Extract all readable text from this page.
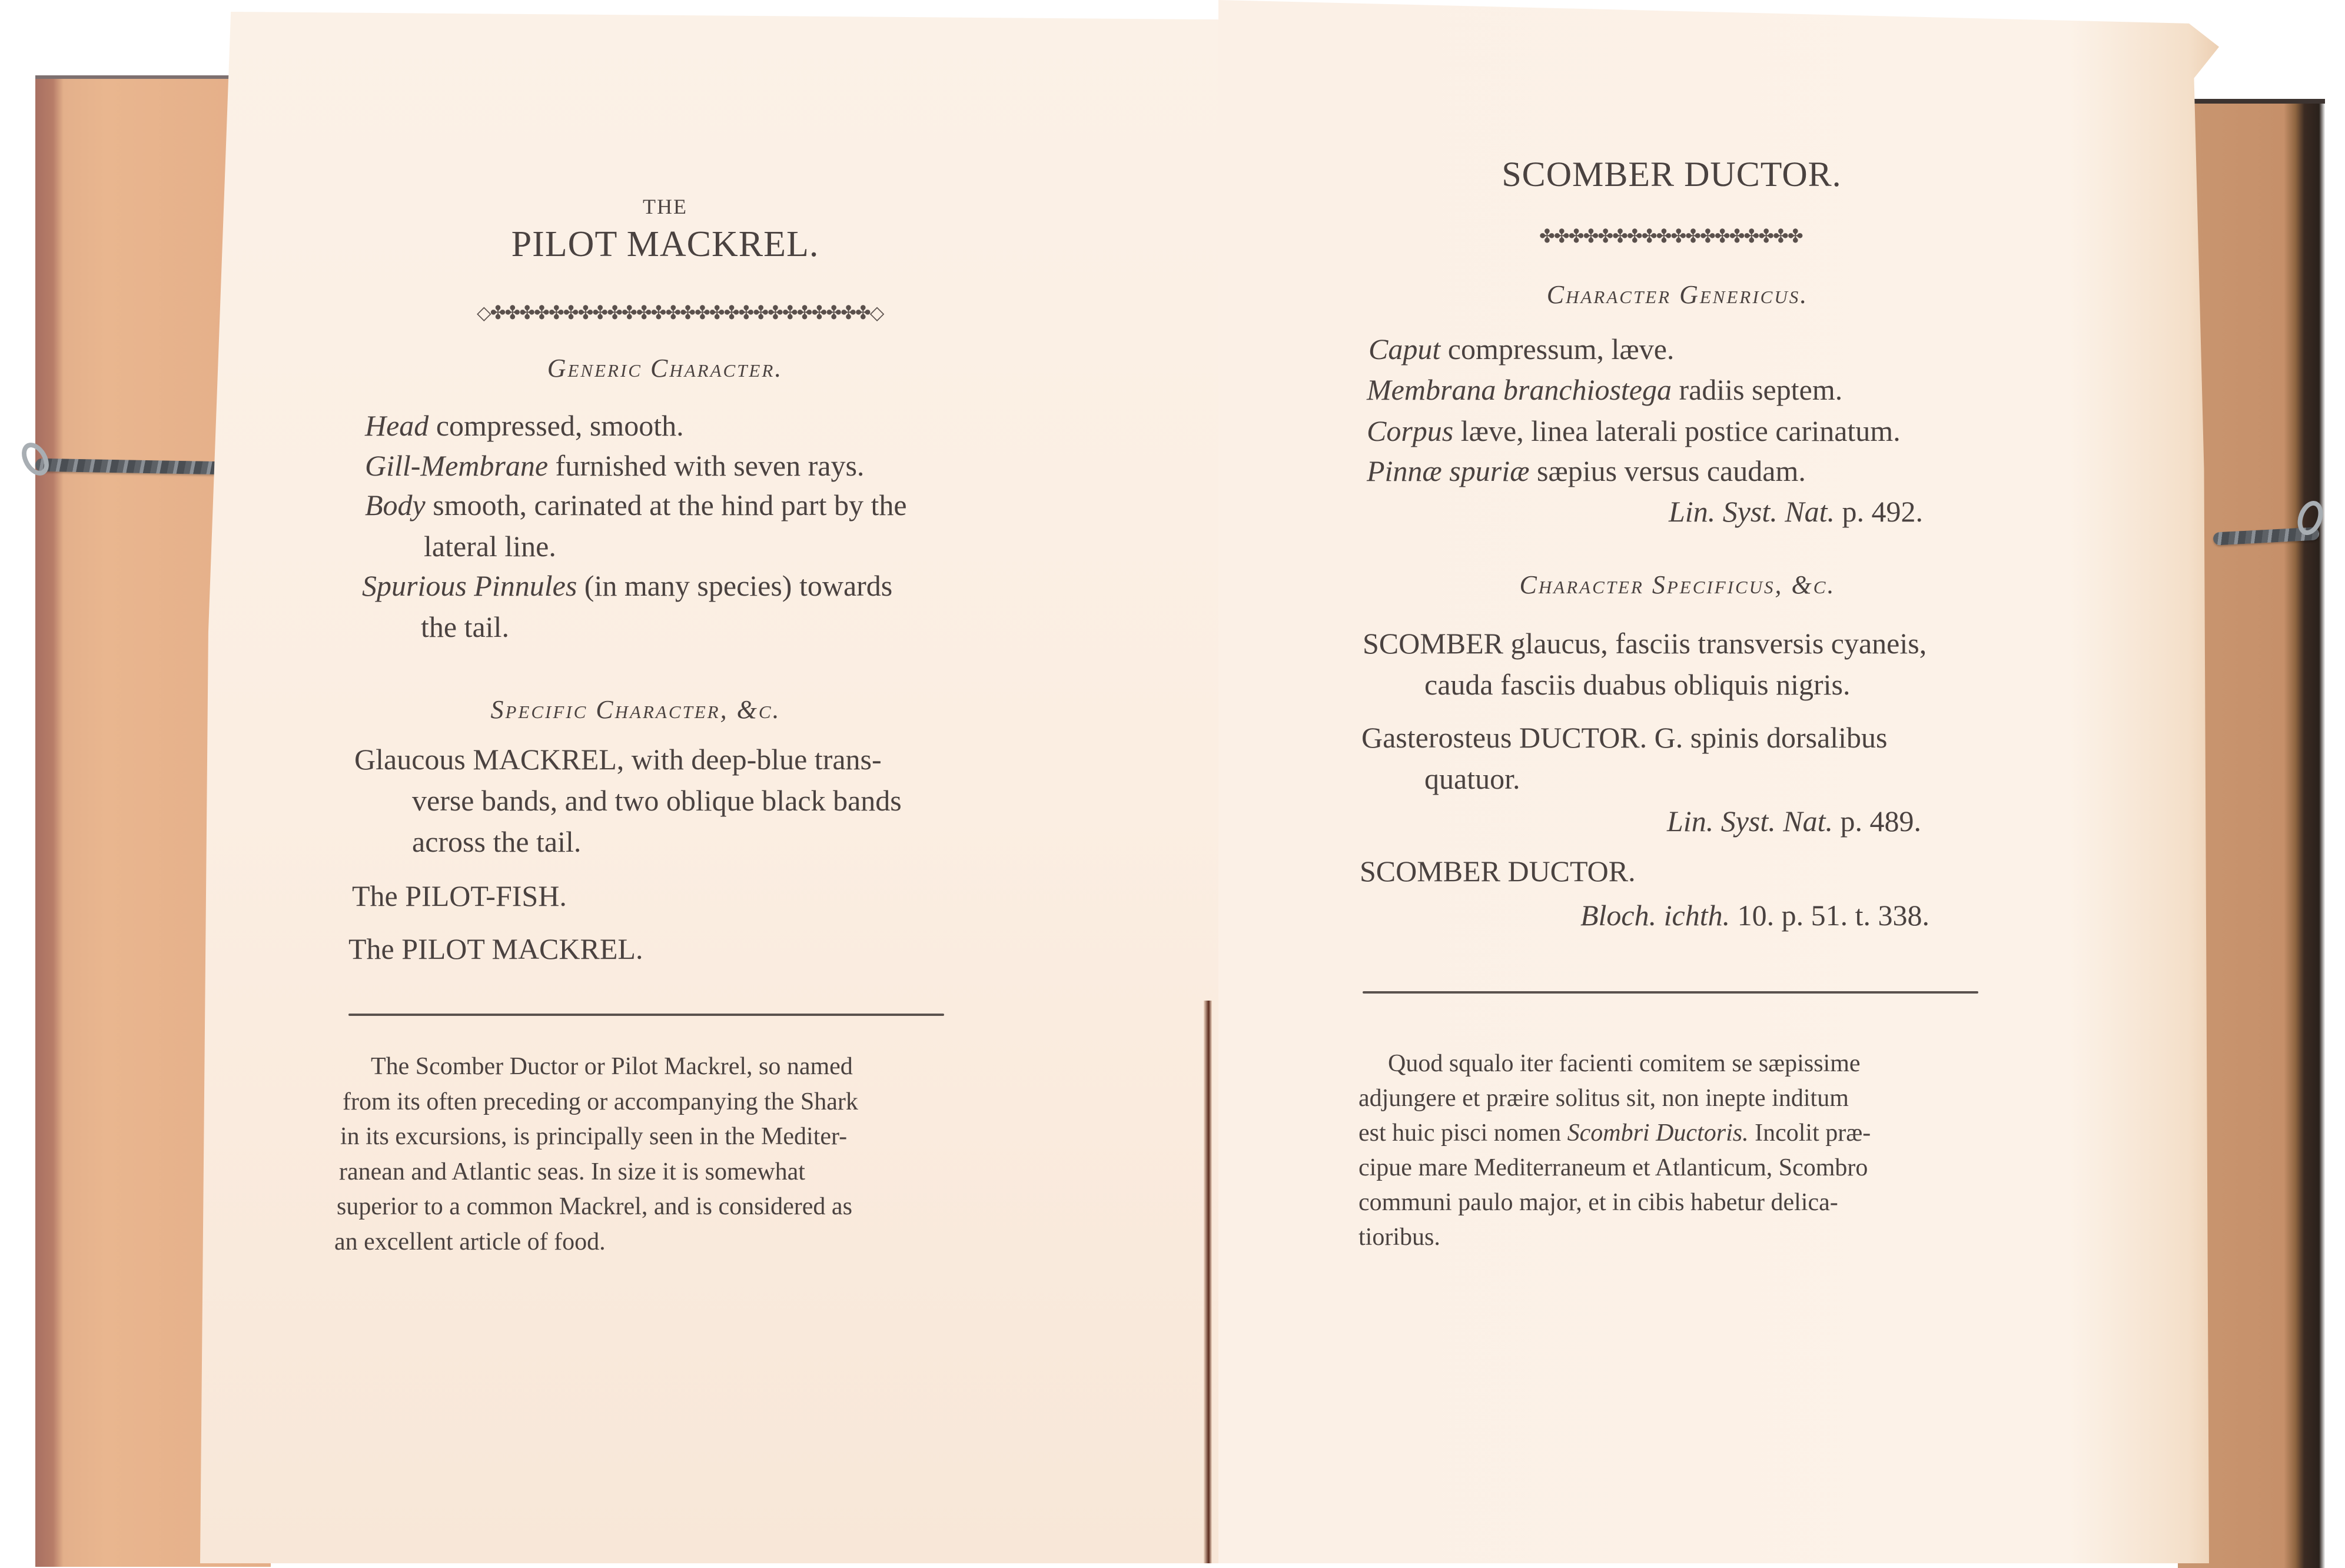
THE
PILOT MACKREL.
◇✤✤✤✤✤✤✤✤✤✤✤✤✤✤✤✤✤✤✤✤✤✤✤✤✤✤◇
Generic Character.
Head compressed, smooth.
Gill-Membrane furnished with seven rays.
Body smooth, carinated at the hind part by the
lateral line.
Spurious Pinnules (in many species) towards
the tail.
Specific Character, &c.
Glaucous MACKREL, with deep-blue trans-
verse bands, and two oblique black bands
across the tail.
The PILOT-FISH.
The PILOT MACKREL.
The Scomber Ductor or Pilot Mackrel, so named
from its often preceding or accompanying the Shark
in its excursions, is principally seen in the Mediter-
ranean and Atlantic seas. In size it is somewhat
superior to a common Mackrel, and is considered as
an excellent article of food.
SCOMBER DUCTOR.
✤✤✤✤✤✤✤✤✤✤✤✤✤✤✤✤✤✤
Character Genericus.
Caput compressum, læve.
Membrana branchiostega radiis septem.
Corpus læve, linea laterali postice carinatum.
Pinnæ spuriæ sæpius versus caudam.
Lin. Syst. Nat. p. 492.
Character Specificus, &c.
SCOMBER glaucus, fasciis transversis cyaneis,
cauda fasciis duabus obliquis nigris.
Gasterosteus DUCTOR. G. spinis dorsalibus
quatuor.
Lin. Syst. Nat. p. 489.
SCOMBER DUCTOR.
Bloch. ichth. 10. p. 51. t. 338.
Quod squalo iter facienti comitem se sæpissime
adjungere et præire solitus sit, non inepte inditum
est huic pisci nomen Scombri Ductoris. Incolit præ-
cipue mare Mediterraneum et Atlanticum, Scombro
communi paulo major, et in cibis habetur delica-
tioribus.
